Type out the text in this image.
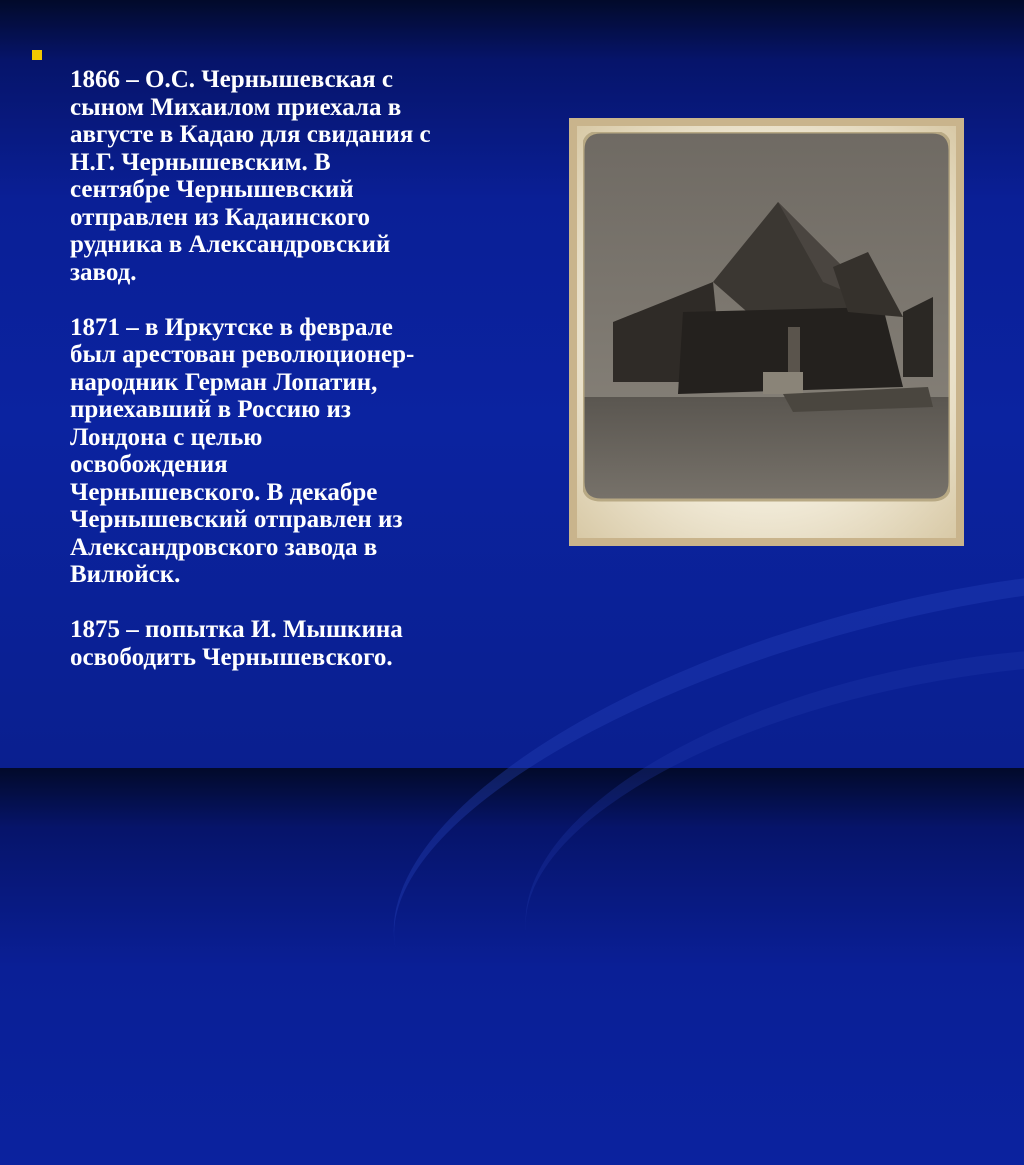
1866 – О.С. Чернышевская с
сыном Михаилом приехала в
августе в Кадаю для свидания с
Н.Г. Чернышевским. В
сентябре Чернышевский
отправлен из Кадаинского
рудника в Александровский
завод.

1871 – в Иркутске в феврале
был арестован революционер-
народник Герман Лопатин,
приехавший в Россию из
Лондона с целью
освобождения
Чернышевского. В декабре
Чернышевский отправлен из
Александровского завода в
Вилюйск.

1875 – попытка И. Мышкина
освободить Чернышевского.
